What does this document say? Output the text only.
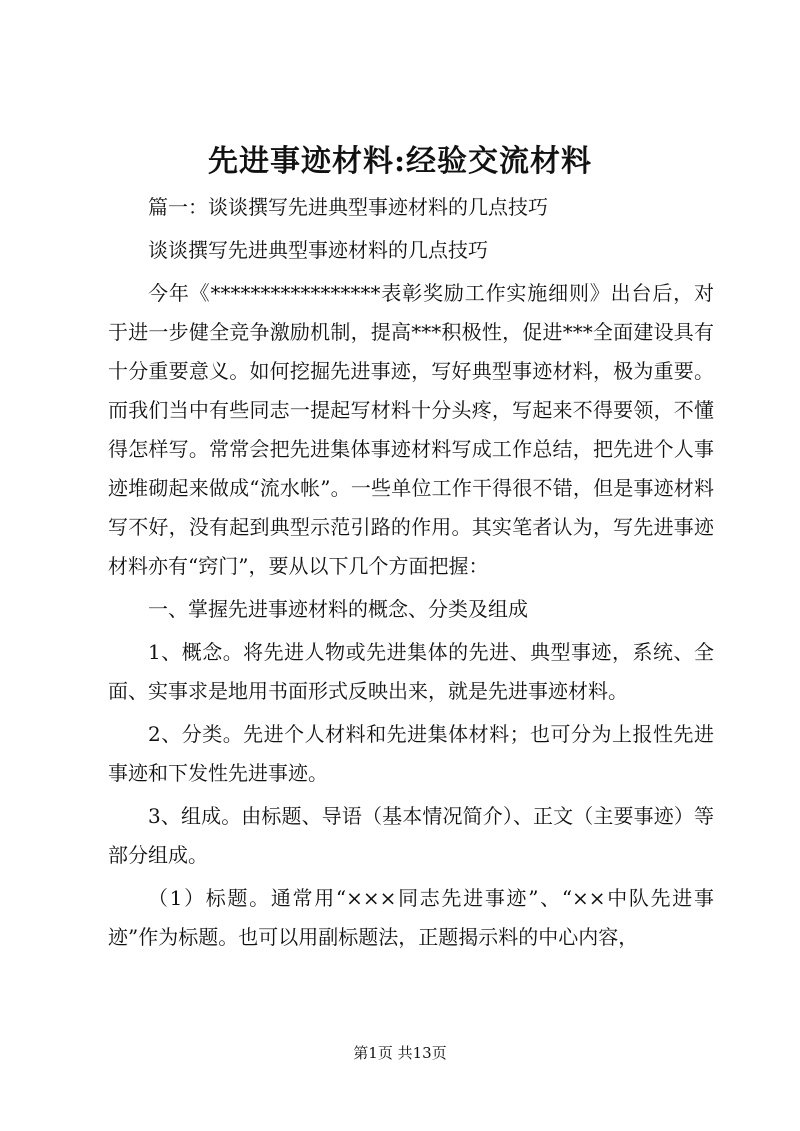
先进事迹材料:经验交流材料

篇一：谈谈撰写先进典型事迹材料的几点技巧

谈谈撰写先进典型事迹材料的几点技巧

今年《*****************表彰奖励工作实施细则》出台后，对于进一步健全竞争激励机制，提高***积极性，促进***全面建设具有十分重要意义。如何挖掘先进事迹，写好典型事迹材料，极为重要。而我们当中有些同志一提起写材料十分头疼，写起来不得要领，不懂得怎样写。常常会把先进集体事迹材料写成工作总结，把先进个人事迹堆砌起来做成“流水帐”。一些单位工作干得很不错，但是事迹材料写不好，没有起到典型示范引路的作用。其实笔者认为，写先进事迹材料亦有“窍门”，要从以下几个方面把握：

一、掌握先进事迹材料的概念、分类及组成

1、概念。将先进人物或先进集体的先进、典型事迹，系统、全面、实事求是地用书面形式反映出来，就是先进事迹材料。

2、分类。先进个人材料和先进集体材料；也可分为上报性先进事迹和下发性先进事迹。

3、组成。由标题、导语（基本情况简介）、正文（主要事迹）等部分组成。

（1）标题。通常用“×××同志先进事迹”、“××中队先进事迹”作为标题。也可以用副标题法，正题揭示料的中心内容，

第1页 共13页
